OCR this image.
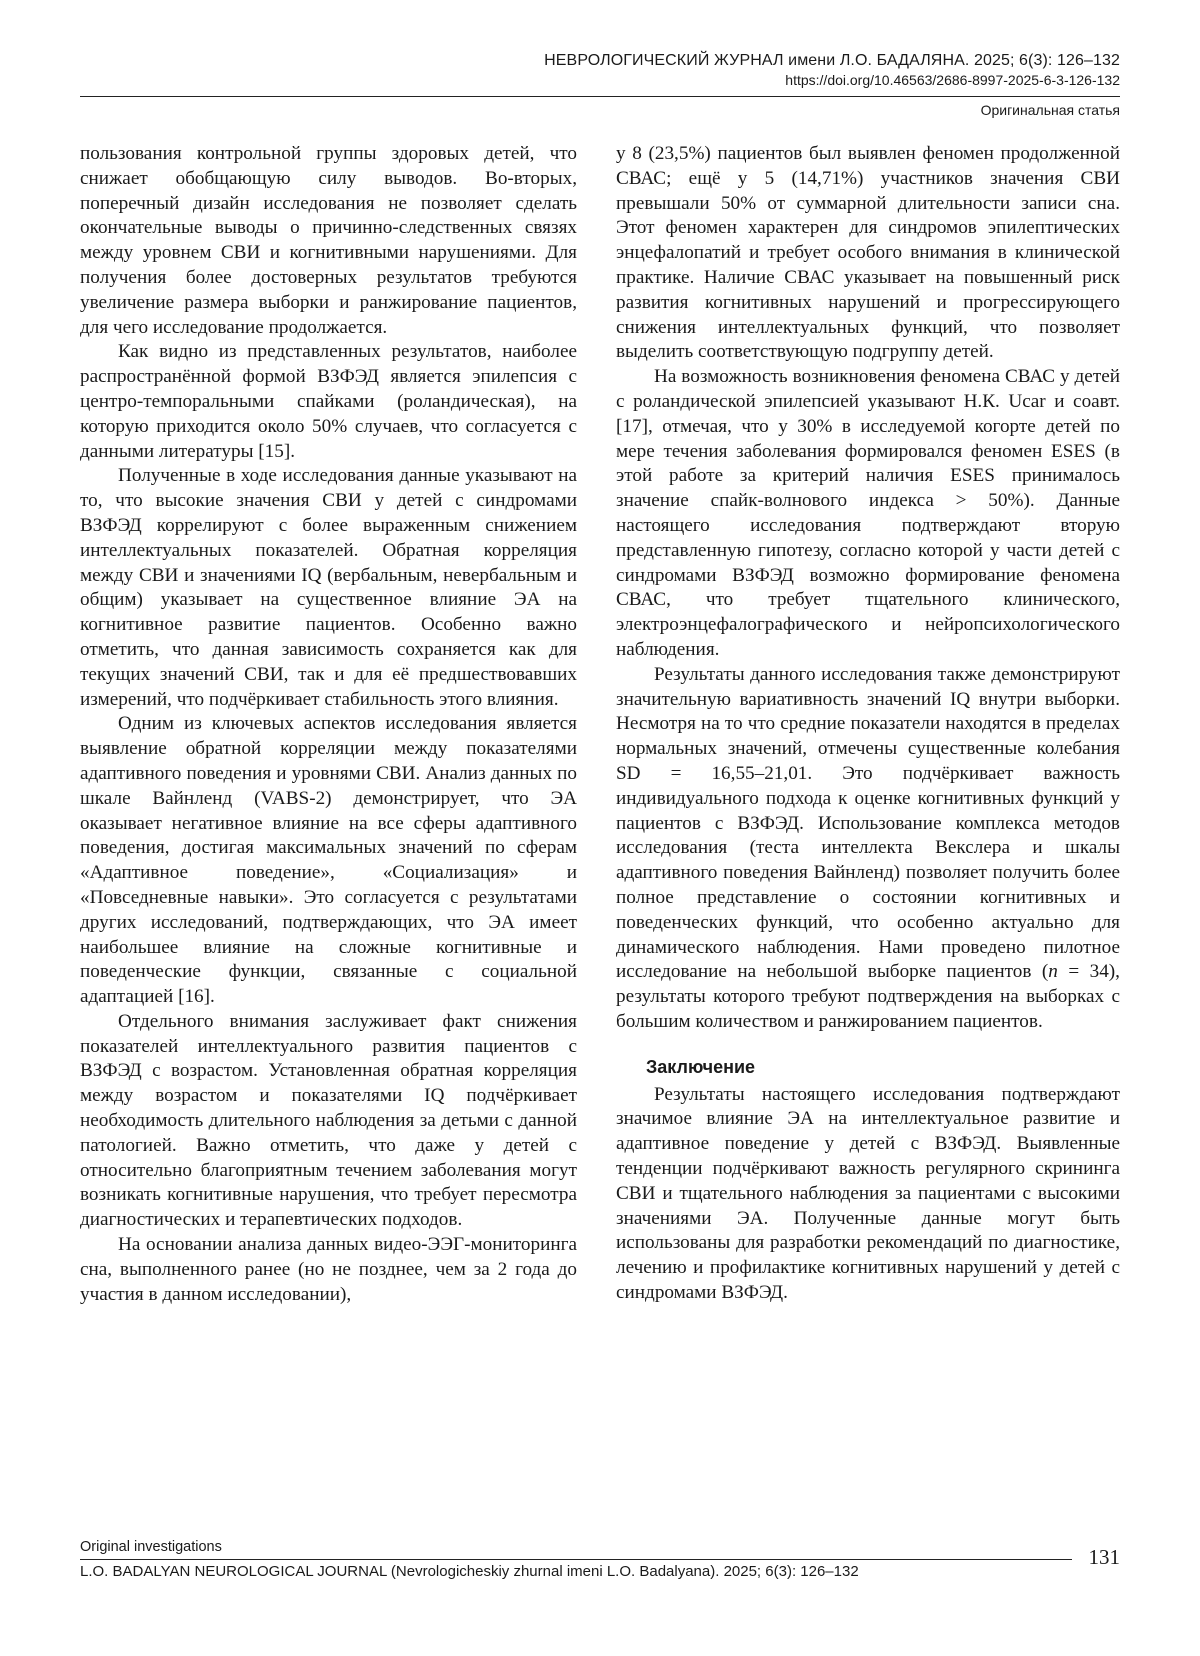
НЕВРОЛОГИЧЕСКИЙ ЖУРНАЛ имени Л.О. БАДАЛЯНА. 2025; 6(3): 126–132
https://doi.org/10.46563/2686-8997-2025-6-3-126-132
Оригинальная статья

пользования контрольной группы здоровых детей, что снижает обобщающую силу выводов. Во-вторых, поперечный дизайн исследования не позволяет сделать окончательные выводы о причинно-следственных связях между уровнем СВИ и когнитивными нарушениями. Для получения более достоверных результатов требуются увеличение размера выборки и ранжирование пациентов, для чего исследование продолжается.

Как видно из представленных результатов, наиболее распространённой формой ВЗФЭД является эпилепсия с центро-темпоральными спайками (роландическая), на которую приходится около 50% случаев, что согласуется с данными литературы [15].

Полученные в ходе исследования данные указывают на то, что высокие значения СВИ у детей с синдромами ВЗФЭД коррелируют с более выраженным снижением интеллектуальных показателей. Обратная корреляция между СВИ и значениями IQ (вербальным, невербальным и общим) указывает на существенное влияние ЭА на когнитивное развитие пациентов. Особенно важно отметить, что данная зависимость сохраняется как для текущих значений СВИ, так и для её предшествовавших измерений, что подчёркивает стабильность этого влияния.

Одним из ключевых аспектов исследования является выявление обратной корреляции между показателями адаптивного поведения и уровнями СВИ. Анализ данных по шкале Вайнленд (VABS-2) демонстрирует, что ЭА оказывает негативное влияние на все сферы адаптивного поведения, достигая максимальных значений по сферам «Адаптивное поведение», «Социализация» и «Повседневные навыки». Это согласуется с результатами других исследований, подтверждающих, что ЭА имеет наибольшее влияние на сложные когнитивные и поведенческие функции, связанные с социальной адаптацией [16].

Отдельного внимания заслуживает факт снижения показателей интеллектуального развития пациентов с ВЗФЭД с возрастом. Установленная обратная корреляция между возрастом и показателями IQ подчёркивает необходимость длительного наблюдения за детьми с данной патологией. Важно отметить, что даже у детей с относительно благоприятным течением заболевания могут возникать когнитивные нарушения, что требует пересмотра диагностических и терапевтических подходов.

На основании анализа данных видео-ЭЭГ-мониторинга сна, выполненного ранее (но не позднее, чем за 2 года до участия в данном исследовании),

у 8 (23,5%) пациентов был выявлен феномен продолженной СВАС; ещё у 5 (14,71%) участников значения СВИ превышали 50% от суммарной длительности записи сна. Этот феномен характерен для синдромов эпилептических энцефалопатий и требует особого внимания в клинической практике. Наличие СВАС указывает на повышенный риск развития когнитивных нарушений и прогрессирующего снижения интеллектуальных функций, что позволяет выделить соответствующую подгруппу детей.

На возможность возникновения феномена СВАС у детей с роландической эпилепсией указывают Н.К. Ucar и соавт. [17], отмечая, что у 30% в исследуемой когорте детей по мере течения заболевания формировался феномен ESES (в этой работе за критерий наличия ESES принималось значение спайк-волнового индекса > 50%). Данные настоящего исследования подтверждают вторую представленную гипотезу, согласно которой у части детей с синдромами ВЗФЭД возможно формирование феномена СВАС, что требует тщательного клинического, электроэнцефалографического и нейропсихологического наблюдения.

Результаты данного исследования также демонстрируют значительную вариативность значений IQ внутри выборки. Несмотря на то что средние показатели находятся в пределах нормальных значений, отмечены существенные колебания SD = 16,55–21,01. Это подчёркивает важность индивидуального подхода к оценке когнитивных функций у пациентов с ВЗФЭД. Использование комплекса методов исследования (теста интеллекта Векслера и шкалы адаптивного поведения Вайнленд) позволяет получить более полное представление о состоянии когнитивных и поведенческих функций, что особенно актуально для динамического наблюдения. Нами проведено пилотное исследование на небольшой выборке пациентов (n = 34), результаты которого требуют подтверждения на выборках с большим количеством и ранжированием пациентов.

Заключение

Результаты настоящего исследования подтверждают значимое влияние ЭА на интеллектуальное развитие и адаптивное поведение у детей с ВЗФЭД. Выявленные тенденции подчёркивают важность регулярного скрининга СВИ и тщательного наблюдения за пациентами с высокими значениями ЭА. Полученные данные могут быть использованы для разработки рекомендаций по диагностике, лечению и профилактике когнитивных нарушений у детей с синдромами ВЗФЭД.

Original investigations
L.O. BADALYAN NEUROLOGICAL JOURNAL (Nevrologicheskiy zhurnal imeni L.O. Badalyana). 2025; 6(3): 126–132
131
